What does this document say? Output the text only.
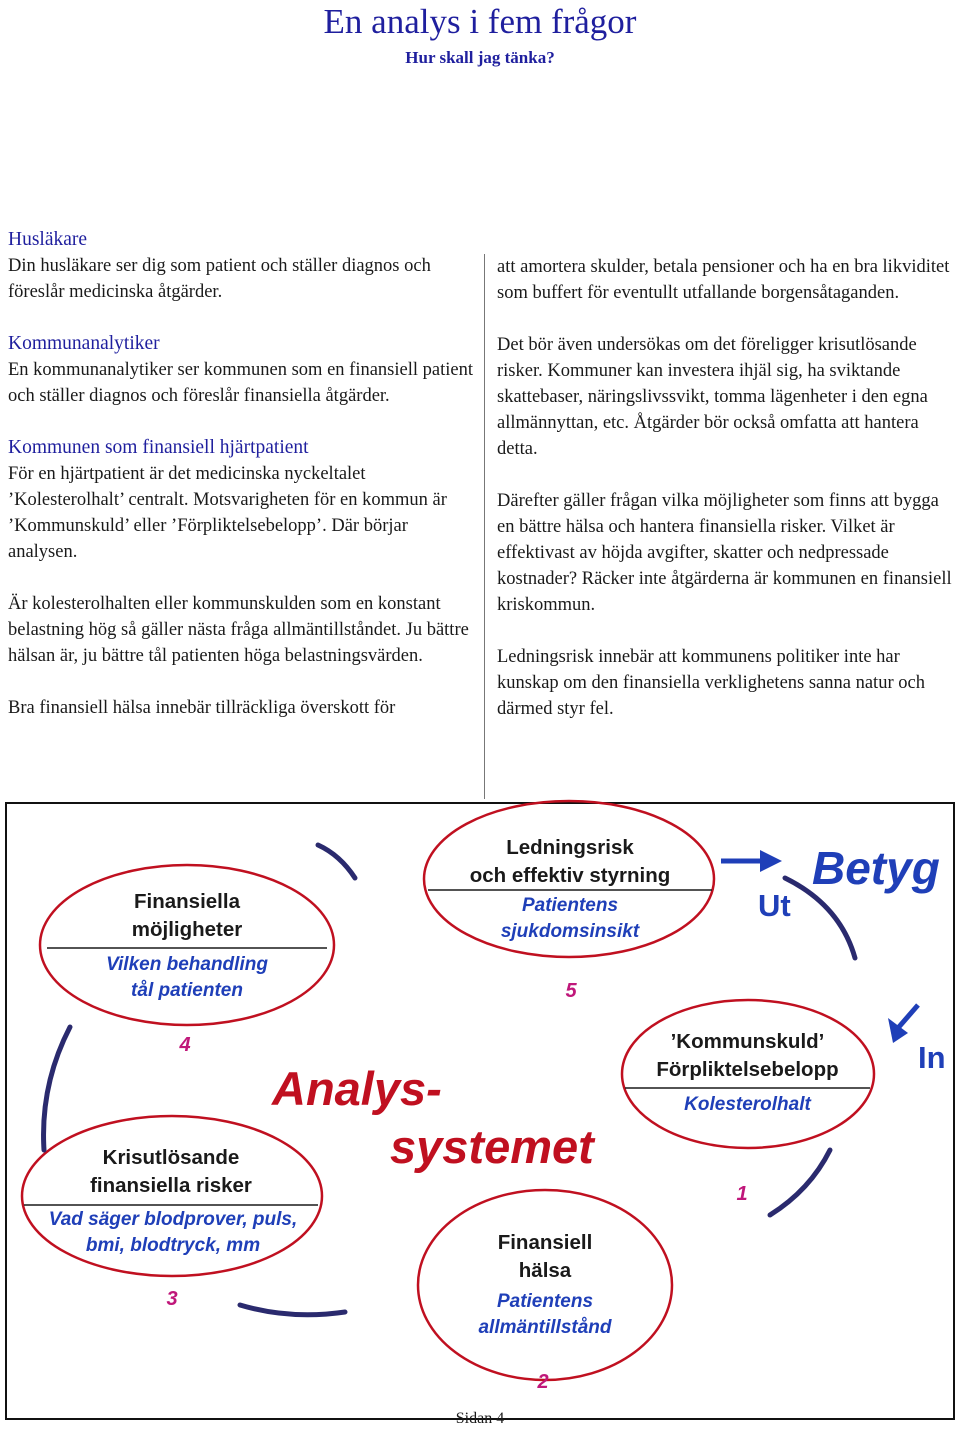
En analys i fem frågor
Hur skall jag tänka?

Husläkare

Din husläkare ser dig som patient och ställer diagnos och föreslår medicinska åtgärder.

Kommunanalytiker

En kommunanalytiker ser kommunen som en finansiell patient och ställer diagnos och föreslår finansiella åtgärder.

Kommunen som finansiell hjärtpatient

För en hjärtpatient är det medicinska nyckeltalet ’Kolesterolhalt’ centralt. Motsvarigheten för en kommun är ’Kommunskuld’ eller ’Förpliktelsebelopp’. Där börjar analysen.

Är kolesterolhalten eller kommunskulden som en konstant belastning hög så gäller nästa fråga allmäntillståndet. Ju bättre hälsan är, ju bättre tål patienten höga belastningsvärden.

Bra finansiell hälsa innebär tillräckliga överskott för

att amortera skulder, betala pensioner och ha en bra likviditet som buffert för eventullt utfallande borgensåtaganden.

Det bör även undersökas om det föreligger krisutlösande risker. Kommuner kan investera ihjäl sig, ha sviktande skattebaser, näringslivssvikt, tomma lägenheter i den egna allmännyttan, etc. Åtgärder bör också omfatta att hantera detta.

Därefter gäller frågan vilka möjligheter som finns att bygga en bättre hälsa och hantera finansiella risker. Vilket är effektivast av höjda avgifter, skatter och nedpressade kostnader? Räcker inte åtgärderna är kommunen en finansiell kriskommun.

Ledningsrisk innebär att kommunens politiker inte har kunskap om den finansiella verklighetens sanna natur och därmed styr fel.

Betyg
Ut
In
Analys-
systemet
Finansiella
möjligheter
Vilken behandling
tål patienten
4
Ledningsrisk
och effektiv styrning
Patientens
sjukdomsinsikt
5
’Kommunskuld’
Förpliktelsebelopp
Kolesterolhalt
1
Krisutlösande
finansiella risker
Vad säger blodprover, puls,
bmi, blodtryck, mm
3
Finansiell
hälsa
Patientens
allmäntillstånd
2
Sidan 4
